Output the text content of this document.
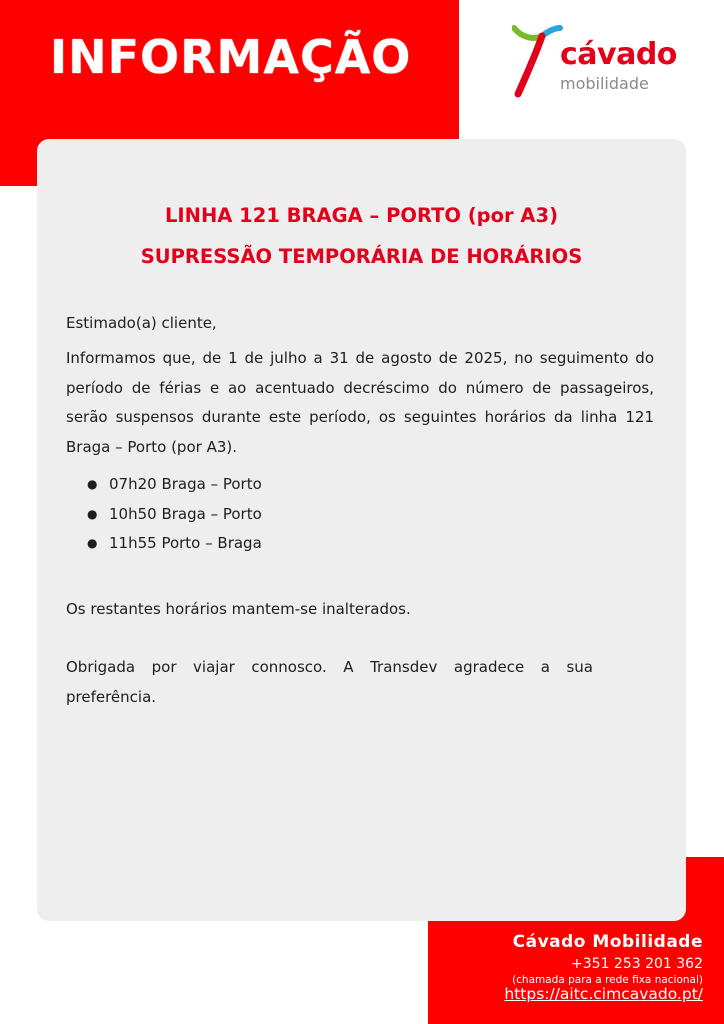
INFORMAÇÃO	cávado
mobilidade
LINHA 121 BRAGA – PORTO (por A3)
SUPRESSÃO TEMPORÁRIA DE HORÁRIOS
Estimado(a) cliente,
Informamos que, de 1 de julho a 31 de agosto de 2025, no seguimento do período de férias e ao acentuado decréscimo do número de passageiros, serão suspensos durante este período, os seguintes horários da linha 121 Braga – Porto (por A3).
● 07h20 Braga – Porto
● 10h50 Braga – Porto
● 11h55 Porto – Braga
Os restantes horários mantem-se inalterados.
Obrigada por viajar connosco. A Transdev agradece a sua preferência.
Cávado Mobilidade
+351 253 201 362
(chamada para a rede fixa nacional)
https://aitc.cimcavado.pt/
